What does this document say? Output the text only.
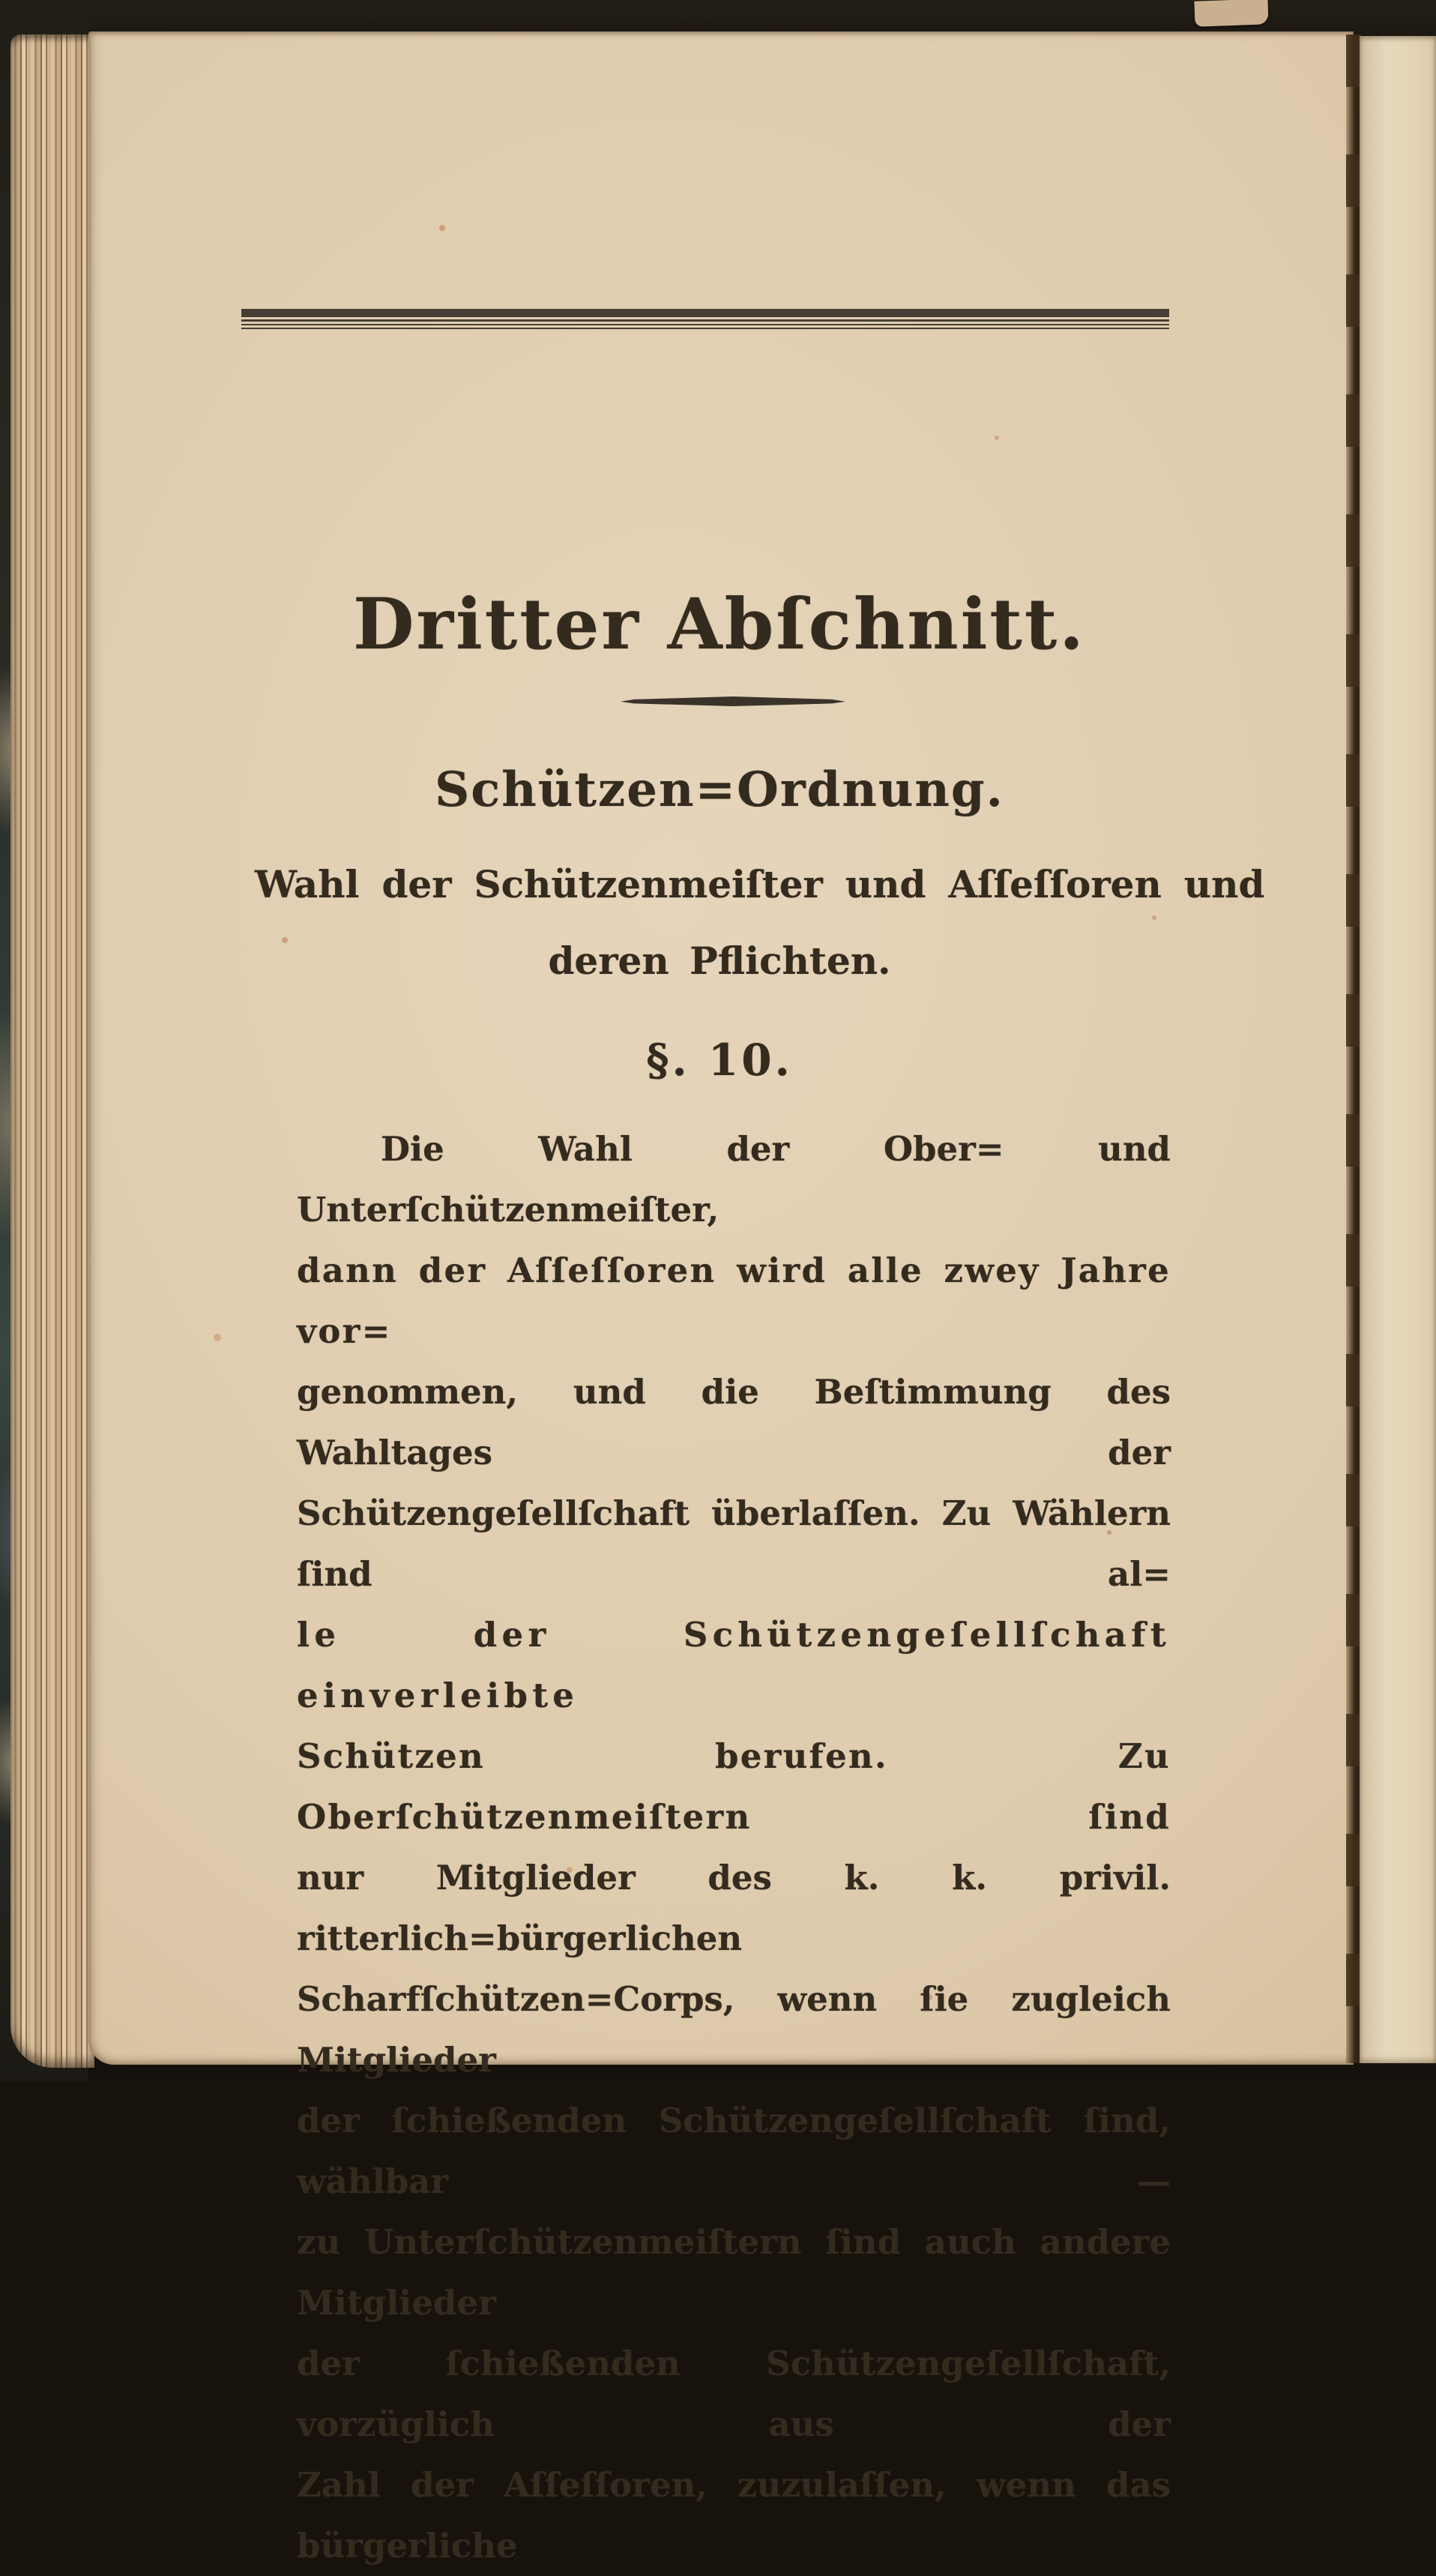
Dritter Abſchnitt.
Schützen=Ordnung.
Wahl der Schützenmeiſter und Aſſeſſoren und
deren Pflichten.
§. 10.
Die Wahl der Ober= und Unterſchützenmeiſter,
dann der Aſſeſſoren wird alle zwey Jahre vor=
genommen, und die Beſtimmung des Wahltages der
Schützengeſellſchaft überlaſſen. Zu Wählern ſind al=
le der Schützengeſellſchaft einverleibte
Schützen berufen. Zu Oberſchützenmeiſtern ſind
nur Mitglieder des k. k. privil. ritterlich=bürgerlichen
Scharfſchützen=Corps, wenn ſie zugleich Mitglieder
der ſchießenden Schützengeſellſchaft ſind, wählbar —
zu Unterſchützenmeiſtern ſind auch andere Mitglieder
der ſchießenden Schützengeſellſchaft, vorzüglich aus der
Zahl der Aſſeſſoren, zuzulaſſen, wenn das bürgerliche
